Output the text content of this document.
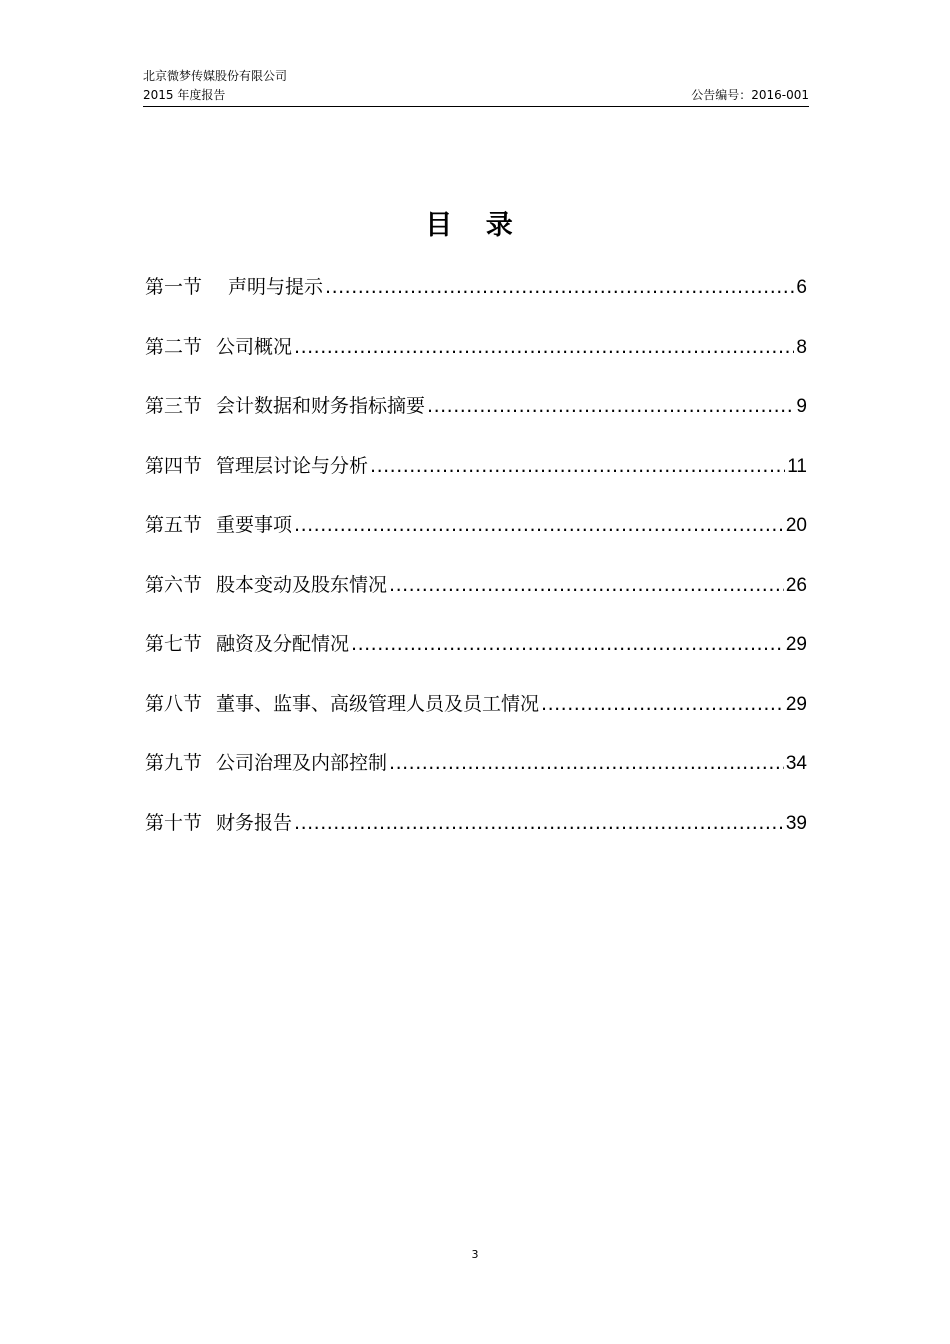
北京微梦传媒股份有限公司
2015 年度报告	公告编号：2016-001
目 录
第一节 声明与提示 .....	6
第二节 公司概况 .....	8
第三节 会计数据和财务指标摘要 .....	9
第四节 管理层讨论与分析 .....	11
第五节 重要事项 .....	20
第六节 股本变动及股东情况 .....	26
第七节 融资及分配情况 .....	29
第八节 董事、监事、高级管理人员及员工情况 .....	29
第九节 公司治理及内部控制 .....	34
第十节 财务报告 .....	39
3
